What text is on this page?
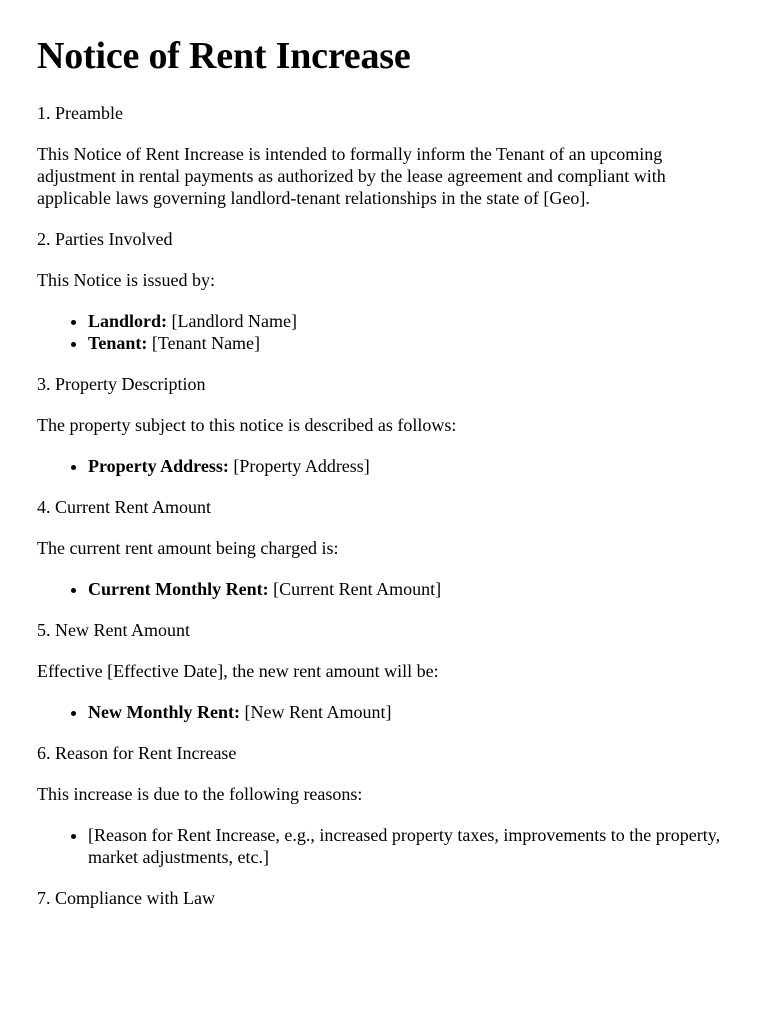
Notice of Rent Increase
1. Preamble

This Notice of Rent Increase is intended to formally inform the Tenant of an upcoming adjustment in rental payments as authorized by the lease agreement and compliant with applicable laws governing landlord-tenant relationships in the state of [Geo].

2. Parties Involved

This Notice is issued by:

• Landlord: [Landlord Name]
• Tenant: [Tenant Name]
3. Property Description

The property subject to this notice is described as follows:

• Property Address: [Property Address]
4. Current Rent Amount

The current rent amount being charged is:

• Current Monthly Rent: [Current Rent Amount]
5. New Rent Amount

Effective [Effective Date], the new rent amount will be:

• New Monthly Rent: [New Rent Amount]
6. Reason for Rent Increase

This increase is due to the following reasons:

• [Reason for Rent Increase, e.g., increased property taxes, improvements to the property, market adjustments, etc.]
7. Compliance with Law
